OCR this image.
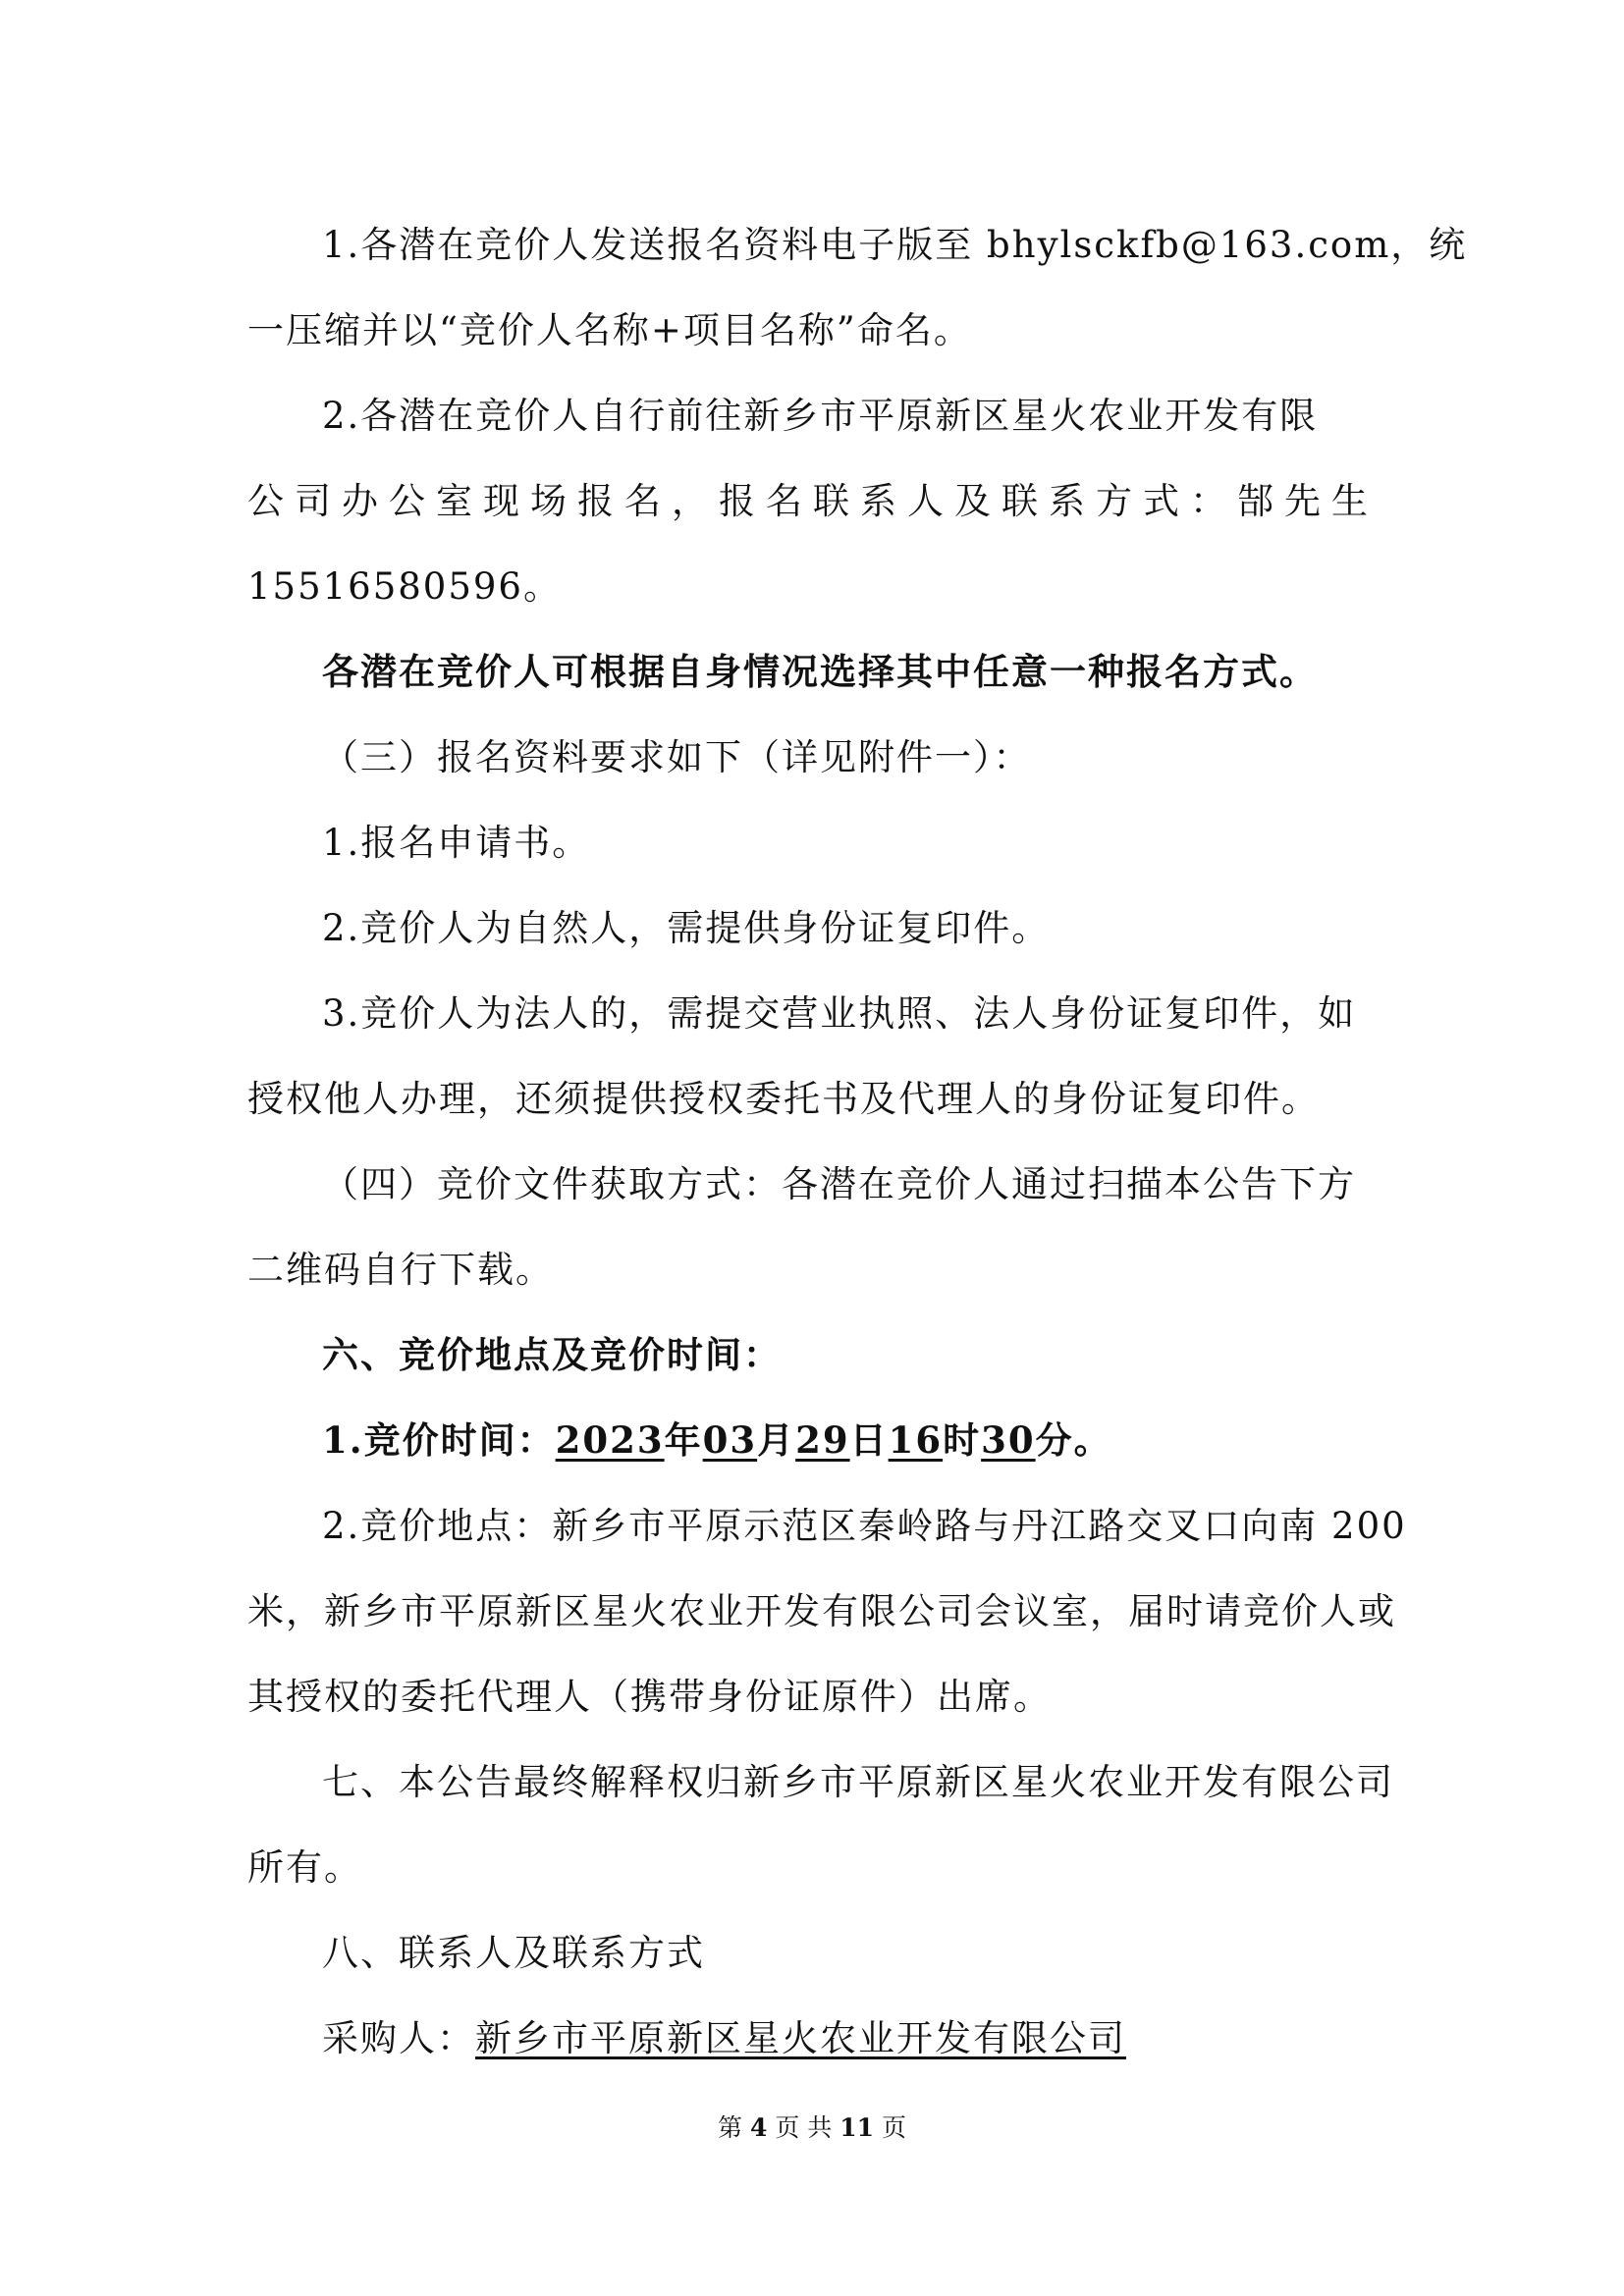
1.各潜在竞价人发送报名资料电子版至 bhylsckfb@163.com，统

一压缩并以“竞价人名称+项目名称”命名。

2.各潜在竞价人自行前往新乡市平原新区星火农业开发有限

公司办公室现场报名，报名联系人及联系方式：郜先生

15516580596。

各潜在竞价人可根据自身情况选择其中任意一种报名方式。

（三）报名资料要求如下（详见附件一）：

1.报名申请书。

2.竞价人为自然人，需提供身份证复印件。

3.竞价人为法人的，需提交营业执照、法人身份证复印件，如

授权他人办理，还须提供授权委托书及代理人的身份证复印件。

（四）竞价文件获取方式：各潜在竞价人通过扫描本公告下方

二维码自行下载。

六、竞价地点及竞价时间：

1.竞价时间：2023年03月29日16时30分。

2.竞价地点：新乡市平原示范区秦岭路与丹江路交叉口向南 200

米，新乡市平原新区星火农业开发有限公司会议室，届时请竞价人或

其授权的委托代理人（携带身份证原件）出席。

七、本公告最终解释权归新乡市平原新区星火农业开发有限公司

所有。

八、联系人及联系方式

采购人：新乡市平原新区星火农业开发有限公司

第 4 页 共 11 页
